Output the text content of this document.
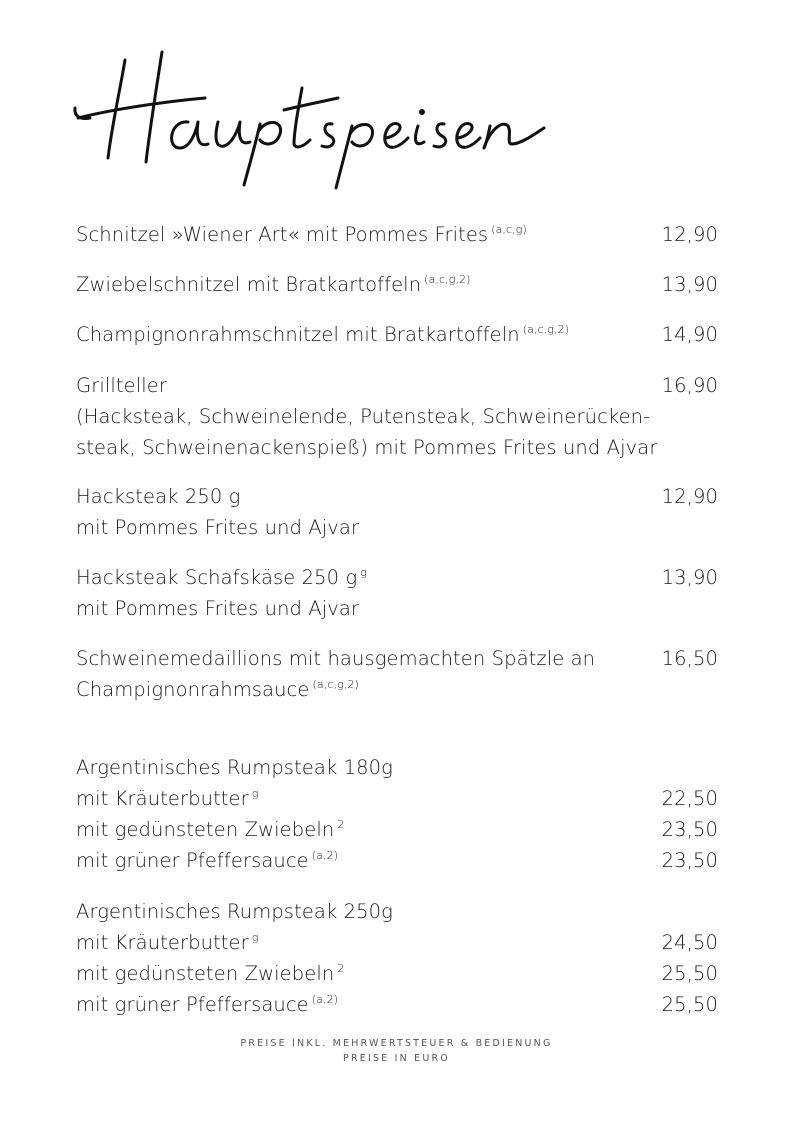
Schnitzel »Wiener Art« mit Pommes Frites $^{(a,c,g)}$	12,90
Zwiebelschnitzel mit Bratkartoffeln $^{(a,c,g,2)}$	13,90
Champignonrahmschnitzel mit Bratkartoffeln $^{(a,c,g,2)}$	14,90
Grillteller	16,90
(Hacksteak, Schweinelende, Putensteak, Schweinerücken-
steak, Schweinenackenspieß) mit Pommes Frites und Ajvar
Hacksteak 250 g	12,90
mit Pommes Frites und Ajvar
Hacksteak Schafskäse 250 g $^g$	13,90
mit Pommes Frites und Ajvar
Schweinemedaillions mit hausgemachten Spätzle an	16,50
Champignonrahmsauce $^{(a,c,g,2)}$
Argentinisches Rumpsteak 180g
mit Kräuterbutter $^g$	22,50
mit gedünsteten Zwiebeln $^2$	23,50
mit grüner Pfeffersauce $^{(a,2)}$	23,50
Argentinisches Rumpsteak 250g
mit Kräuterbutter $^g$	24,50
mit gedünsteten Zwiebeln $^2$	25,50
mit grüner Pfeffersauce $^{(a,2)}$	25,50
PREISE INKL. MEHRWERTSTEUER & BEDIENUNG
PREISE IN EURO
